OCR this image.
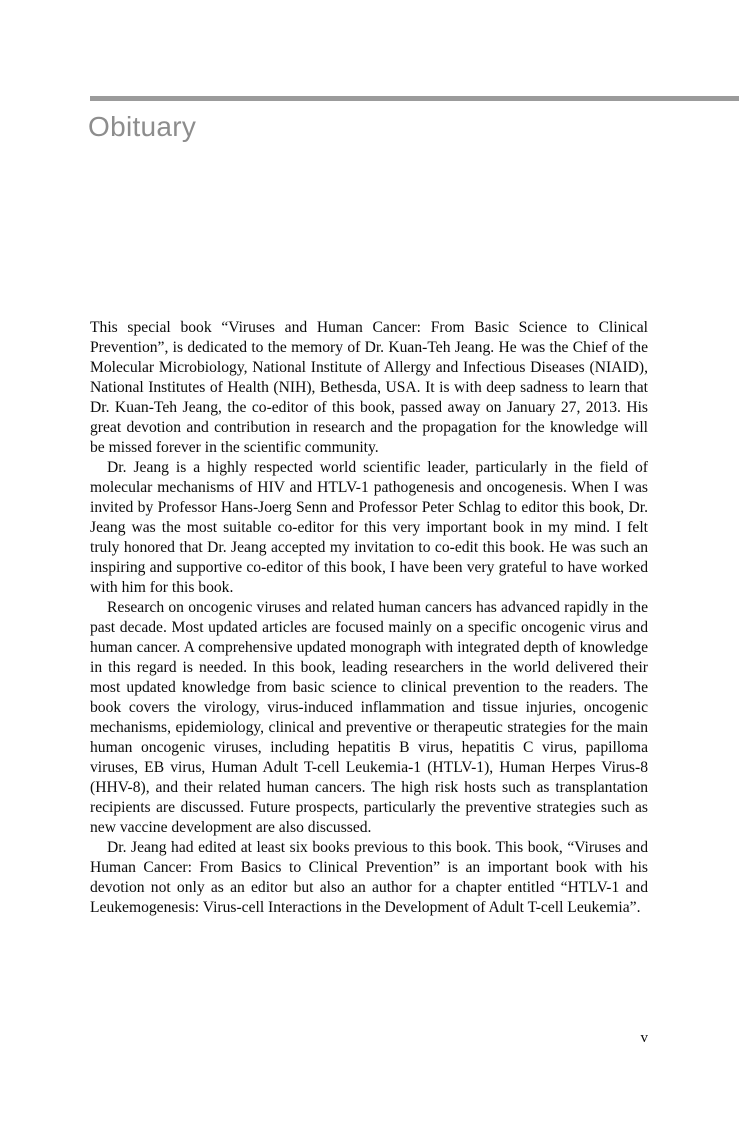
Obituary

This special book “Viruses and Human Cancer: From Basic Science to Clinical Prevention”, is dedicated to the memory of Dr. Kuan-Teh Jeang. He was the Chief of the Molecular Microbiology, National Institute of Allergy and Infectious Diseases (NIAID), National Institutes of Health (NIH), Bethesda, USA. It is with deep sadness to learn that Dr. Kuan-Teh Jeang, the co-editor of this book, passed away on January 27, 2013. His great devotion and contribution in research and the propagation for the knowledge will be missed forever in the scientific community.

Dr. Jeang is a highly respected world scientific leader, particularly in the field of molecular mechanisms of HIV and HTLV-1 pathogenesis and oncogenesis. When I was invited by Professor Hans-Joerg Senn and Professor Peter Schlag to editor this book, Dr. Jeang was the most suitable co-editor for this very important book in my mind. I felt truly honored that Dr. Jeang accepted my invitation to co-edit this book. He was such an inspiring and supportive co-editor of this book, I have been very grateful to have worked with him for this book.

Research on oncogenic viruses and related human cancers has advanced rapidly in the past decade. Most updated articles are focused mainly on a specific oncogenic virus and human cancer. A comprehensive updated monograph with integrated depth of knowledge in this regard is needed. In this book, leading researchers in the world delivered their most updated knowledge from basic science to clinical prevention to the readers. The book covers the virology, virus-induced inflammation and tissue injuries, oncogenic mechanisms, epidemiology, clinical and preventive or therapeutic strategies for the main human oncogenic viruses, including hepatitis B virus, hepatitis C virus, papilloma viruses, EB virus, Human Adult T-cell Leukemia-1 (HTLV-1), Human Herpes Virus-8 (HHV-8), and their related human cancers. The high risk hosts such as transplantation recipients are discussed. Future prospects, particularly the preventive strategies such as new vaccine development are also discussed.

Dr. Jeang had edited at least six books previous to this book. This book, “Viruses and Human Cancer: From Basics to Clinical Prevention” is an important book with his devotion not only as an editor but also an author for a chapter entitled “HTLV-1 and Leukemogenesis: Virus-cell Interactions in the Development of Adult T-cell Leukemia”.

v
